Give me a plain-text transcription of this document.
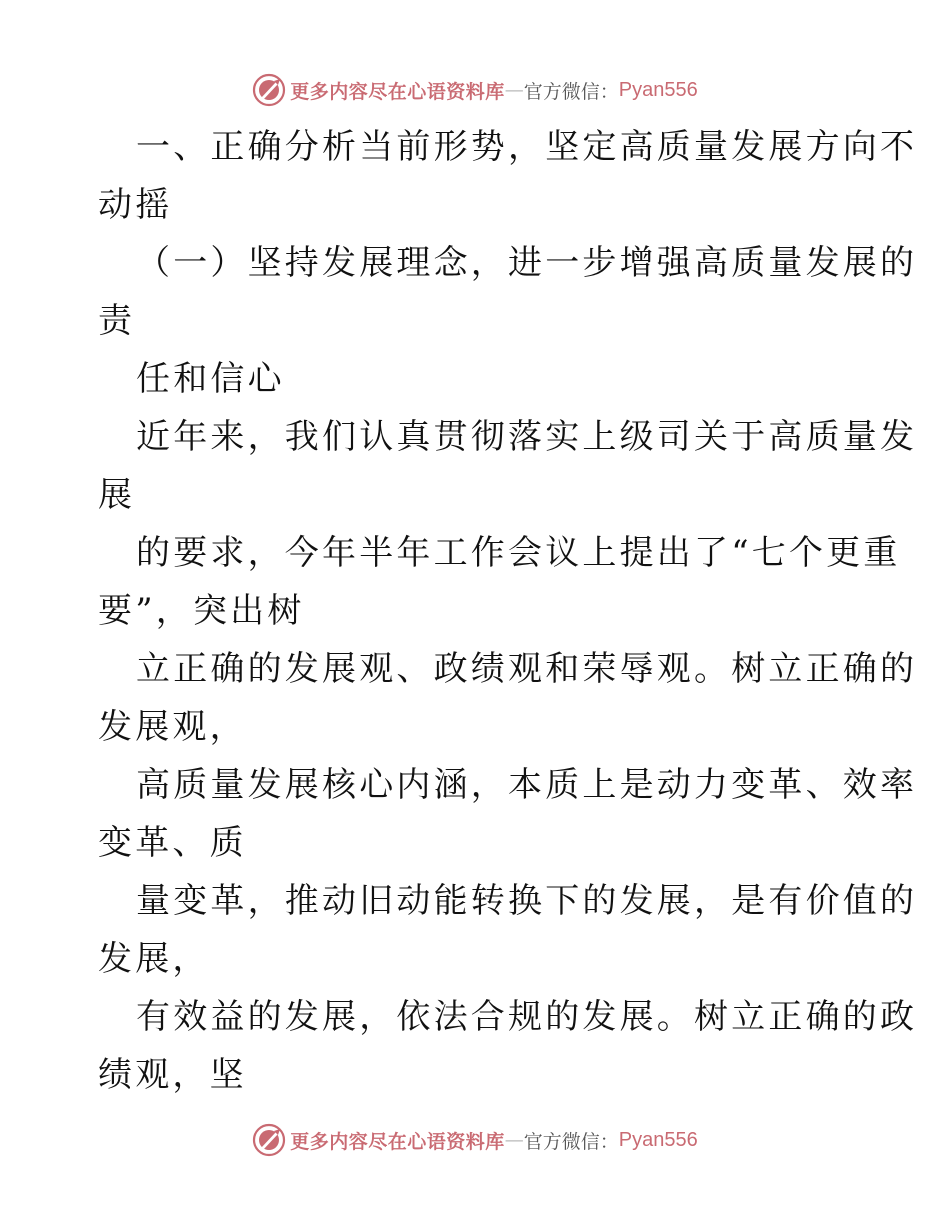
更多内容尽在心语资料库 — 官方微信： Pyan556
一、正确分析当前形势，坚定高质量发展方向不
动摇
（一）坚持发展理念，进一步增强高质量发展的
责
任和信心
近年来，我们认真贯彻落实上级司关于高质量发
展
的要求，今年半年工作会议上提出了“七个更重
要”，突出树
立正确的发展观、政绩观和荣辱观。树立正确的
发展观，
高质量发展核心内涵，本质上是动力变革、效率
变革、质
量变革，推动旧动能转换下的发展，是有价值的
发展，
有效益的发展，依法合规的发展。树立正确的政
绩观，坚
更多内容尽在心语资料库 — 官方微信： Pyan556
